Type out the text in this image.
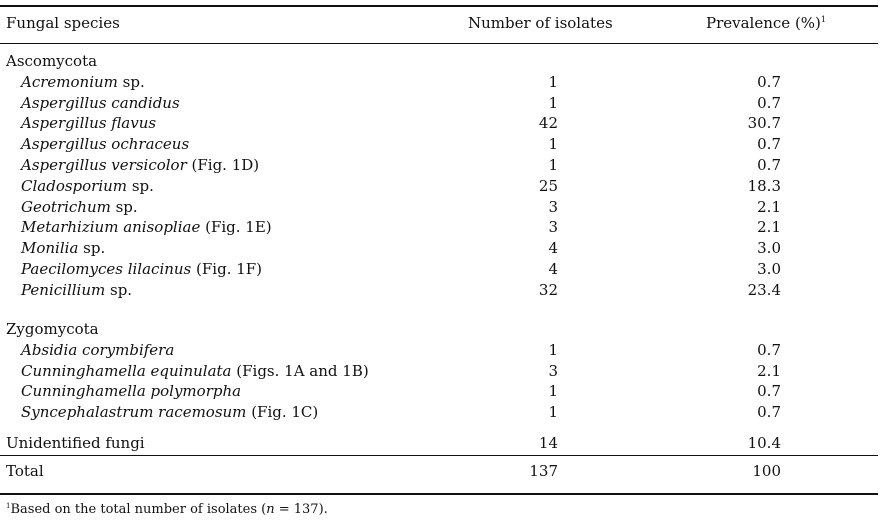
Fungal species	Number of isolates	Prevalence (%)$^1$
Ascomycota
Acremonium sp.	1	0.7
Aspergillus candidus	1	0.7
Aspergillus flavus	42	30.7
Aspergillus ochraceus	1	0.7
Aspergillus versicolor (Fig. 1D)	1	0.7
Cladosporium sp.	25	18.3
Geotrichum sp.	3	2.1
Metarhizium anisopliae (Fig. 1E)	3	2.1
Monilia sp.	4	3.0
Paecilomyces lilacinus (Fig. 1F)	4	3.0
Penicillium sp.	32	23.4
Zygomycota
Absidia corymbifera	1	0.7
Cunninghamella equinulata (Figs. 1A and 1B)	3	2.1
Cunninghamella polymorpha	1	0.7
Syncephalastrum racemosum (Fig. 1C)	1	0.7
Unidentified fungi	14	10.4
Total	137	100
$^1$Based on the total number of isolates (n = 137).
